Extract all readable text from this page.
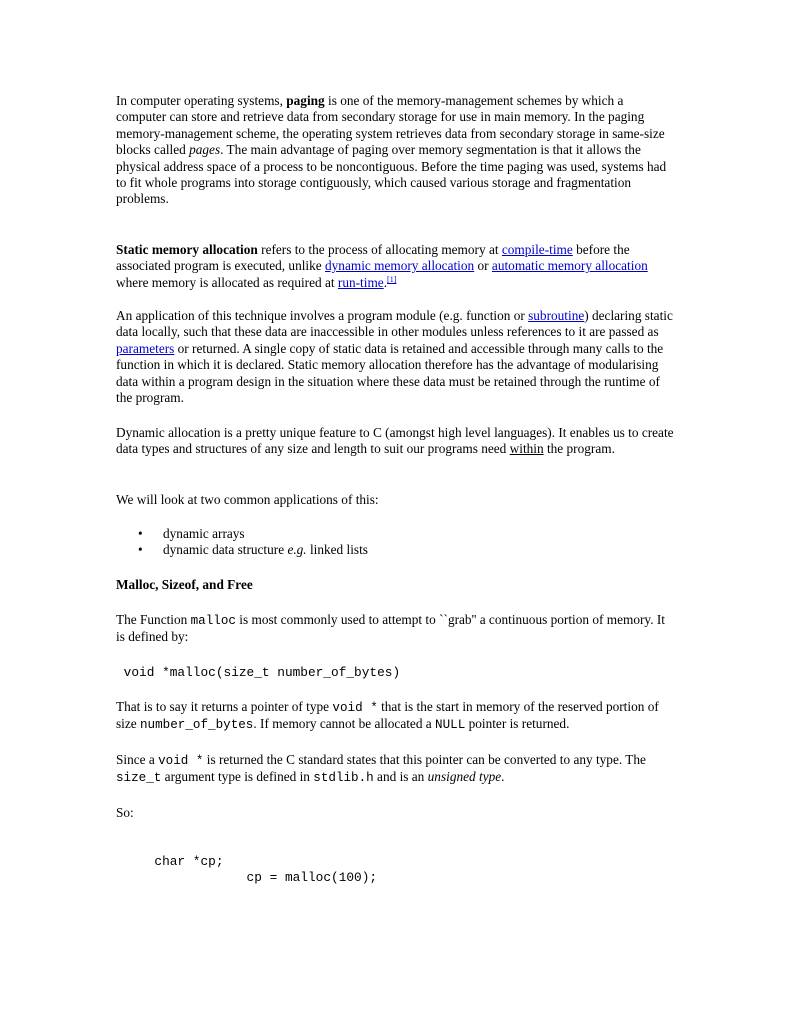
In computer operating systems, paging is one of the memory-management schemes by which a computer can store and retrieve data from secondary storage for use in main memory. In the paging memory-management scheme, the operating system retrieves data from secondary storage in same-size blocks called pages. The main advantage of paging over memory segmentation is that it allows the physical address space of a process to be noncontiguous. Before the time paging was used, systems had to fit whole programs into storage contiguously, which caused various storage and fragmentation problems.

Static memory allocation refers to the process of allocating memory at compile-time before the associated program is executed, unlike dynamic memory allocation or automatic memory allocation where memory is allocated as required at run-time.[1]

An application of this technique involves a program module (e.g. function or subroutine) declaring static data locally, such that these data are inaccessible in other modules unless references to it are passed as parameters or returned. A single copy of static data is retained and accessible through many calls to the function in which it is declared. Static memory allocation therefore has the advantage of modularising data within a program design in the situation where these data must be retained through the runtime of the program.

Dynamic allocation is a pretty unique feature to C (amongst high level languages). It enables us to create data types and structures of any size and length to suit our programs need within the program.

We will look at two common applications of this:

• dynamic arrays
• dynamic data structure e.g. linked lists

Malloc, Sizeof, and Free

The Function malloc is most commonly used to attempt to ``grab'' a continuous portion of memory. It is defined by:

void *malloc(size_t number_of_bytes)

That is to say it returns a pointer of type void * that is the start in memory of the reserved portion of size number_of_bytes. If memory cannot be allocated a NULL pointer is returned.

Since a void * is returned the C standard states that this pointer can be converted to any type. The size_t argument type is defined in stdlib.h and is an unsigned type.

So:

char *cp;
cp = malloc(100);
